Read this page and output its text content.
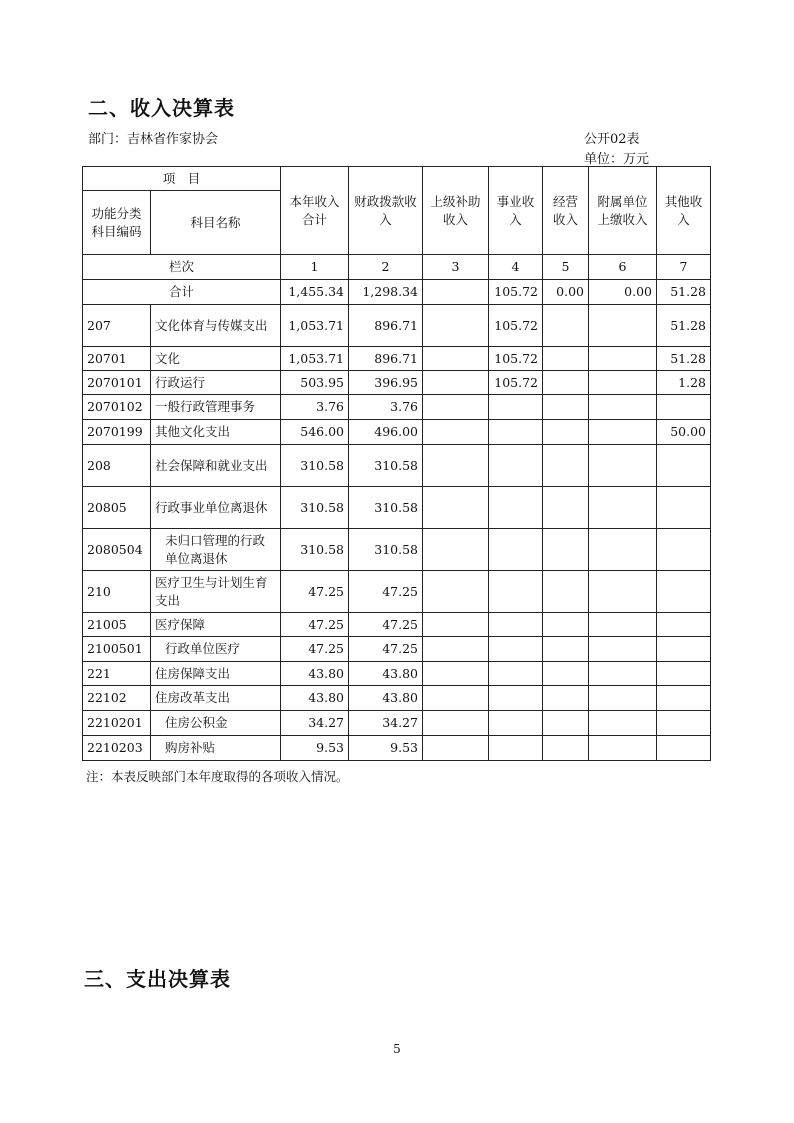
二、收入决算表
部门：吉林省作家协会	公开02表
单位：万元
项　目		本年收入合计	财政拨款收入	上级补助收入	事业收入	经营收入	附属单位上缴收入	其他收入
功能分类科目编码	科目名称							
栏次		1	2	3	4	5	6	7
合计		1,455.34	1,298.34		105.72	0.00	0.00	51.28
207	文化体育与传媒支出	1,053.71	896.71		105.72			51.28
20701	文化	1,053.71	896.71		105.72			51.28
2070101	行政运行	503.95	396.95		105.72			1.28
2070102	一般行政管理事务	3.76	3.76					
2070199	其他文化支出	546.00	496.00					50.00
208	社会保障和就业支出	310.58	310.58					
20805	行政事业单位离退休	310.58	310.58					
2080504	未归口管理的行政单位离退休	310.58	310.58					
210	医疗卫生与计划生育支出	47.25	47.25					
21005	医疗保障	47.25	47.25					
2100501	行政单位医疗	47.25	47.25					
221	住房保障支出	43.80	43.80					
22102	住房改革支出	43.80	43.80					
2210201	住房公积金	34.27	34.27					
2210203	购房补贴	9.53	9.53					
注：本表反映部门本年度取得的各项收入情况。
三、支出决算表
5
